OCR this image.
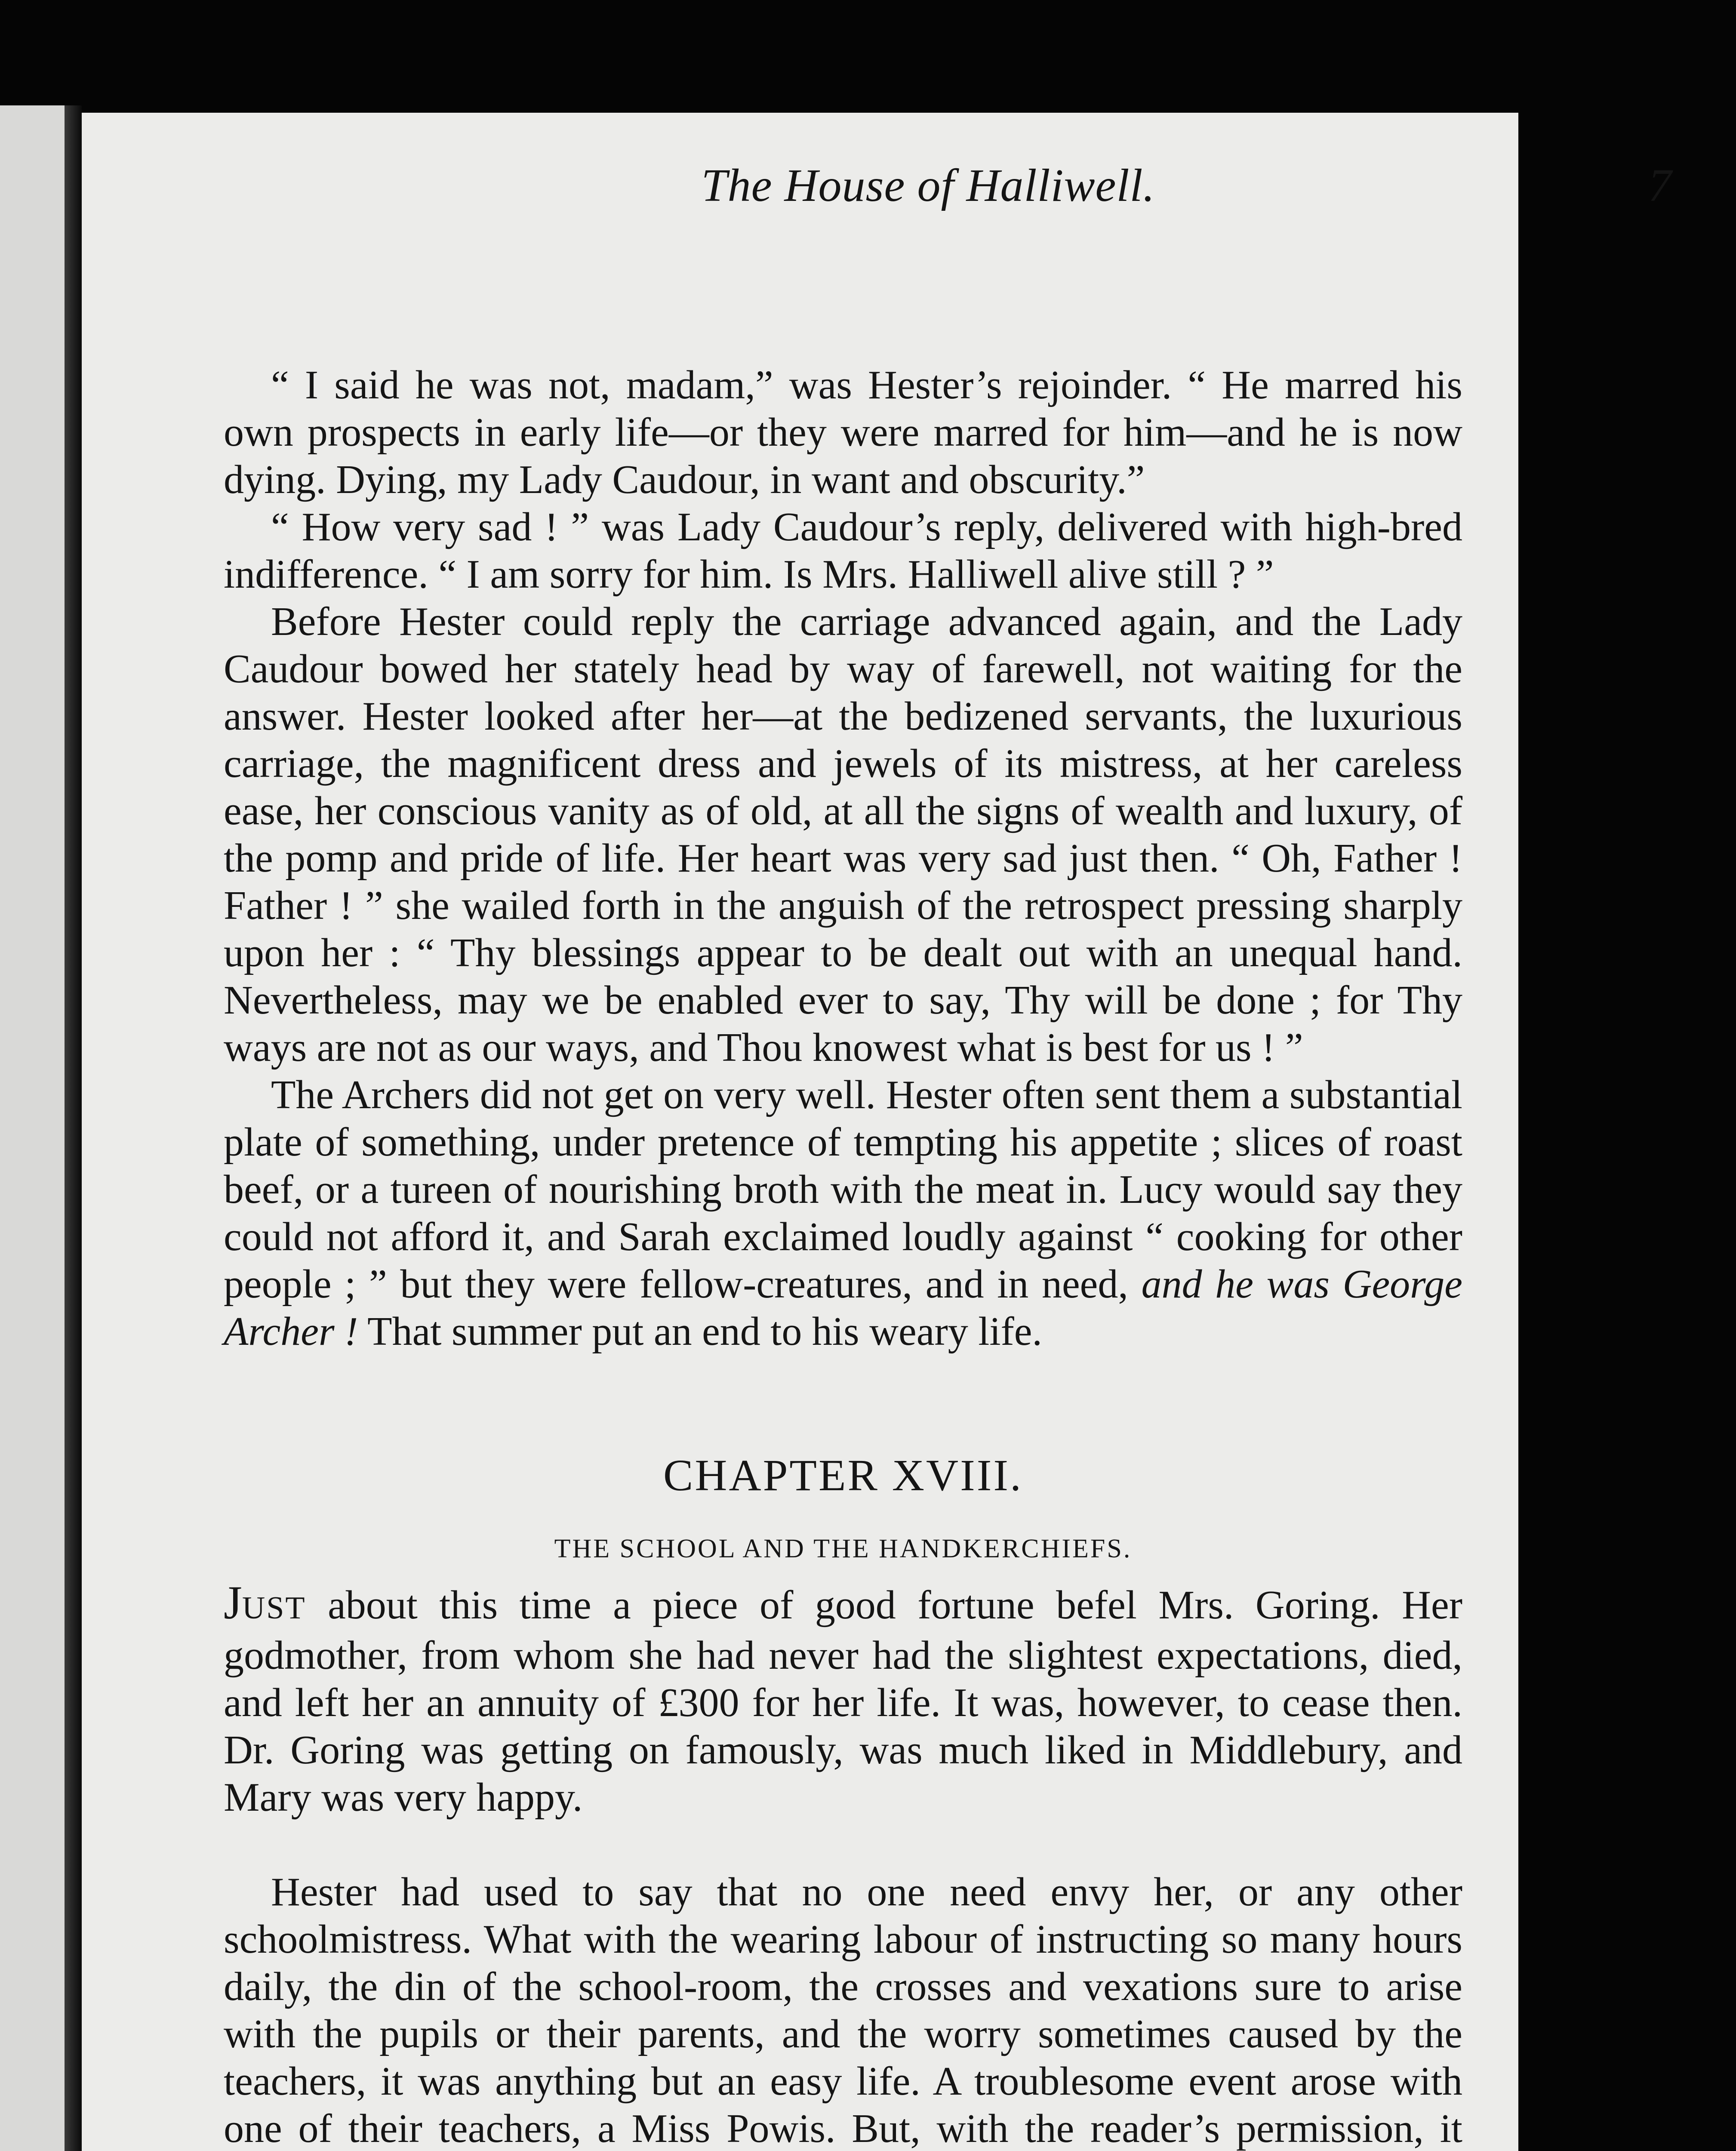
The House of Halliwell.	7

“ I said he was not, madam,” was Hester’s rejoinder. “ He marred his own prospects in early life—or they were marred for him—and he is now dying. Dying, my Lady Caudour, in want and obscurity.”

“ How very sad ! ” was Lady Caudour’s reply, delivered with high-bred indifference. “ I am sorry for him. Is Mrs. Halliwell alive still ? ”

Before Hester could reply the carriage advanced again, and the Lady Caudour bowed her stately head by way of farewell, not waiting for the answer. Hester looked after her—at the bedizened servants, the luxurious carriage, the magnificent dress and jewels of its mistress, at her careless ease, her conscious vanity as of old, at all the signs of wealth and luxury, of the pomp and pride of life. Her heart was very sad just then. “ Oh, Father ! Father ! ” she wailed forth in the anguish of the retrospect pressing sharply upon her : “ Thy blessings appear to be dealt out with an unequal hand. Nevertheless, may we be enabled ever to say, Thy will be done ; for Thy ways are not as our ways, and Thou knowest what is best for us ! ”

The Archers did not get on very well. Hester often sent them a substantial plate of something, under pretence of tempting his appetite ; slices of roast beef, or a tureen of nourishing broth with the meat in. Lucy would say they could not afford it, and Sarah exclaimed loudly against “ cooking for other people ; ” but they were fellow-creatures, and in need, and he was George Archer ! That summer put an end to his weary life.

CHAPTER XVIII.
THE SCHOOL AND THE HANDKERCHIEFS.

JUST about this time a piece of good fortune befel Mrs. Goring. Her godmother, from whom she had never had the slightest expectations, died, and left her an annuity of £300 for her life. It was, however, to cease then. Dr. Goring was getting on famously, was much liked in Middlebury, and Mary was very happy.

Hester had used to say that no one need envy her, or any other schoolmistress. What with the wearing labour of instructing so many hours daily, the din of the school-room, the crosses and vexations sure to arise with the pupils or their parents, and the worry sometimes caused by the teachers, it was anything but an easy life. A troublesome event arose with one of their teachers, a Miss Powis. But, with the reader’s permission, it
